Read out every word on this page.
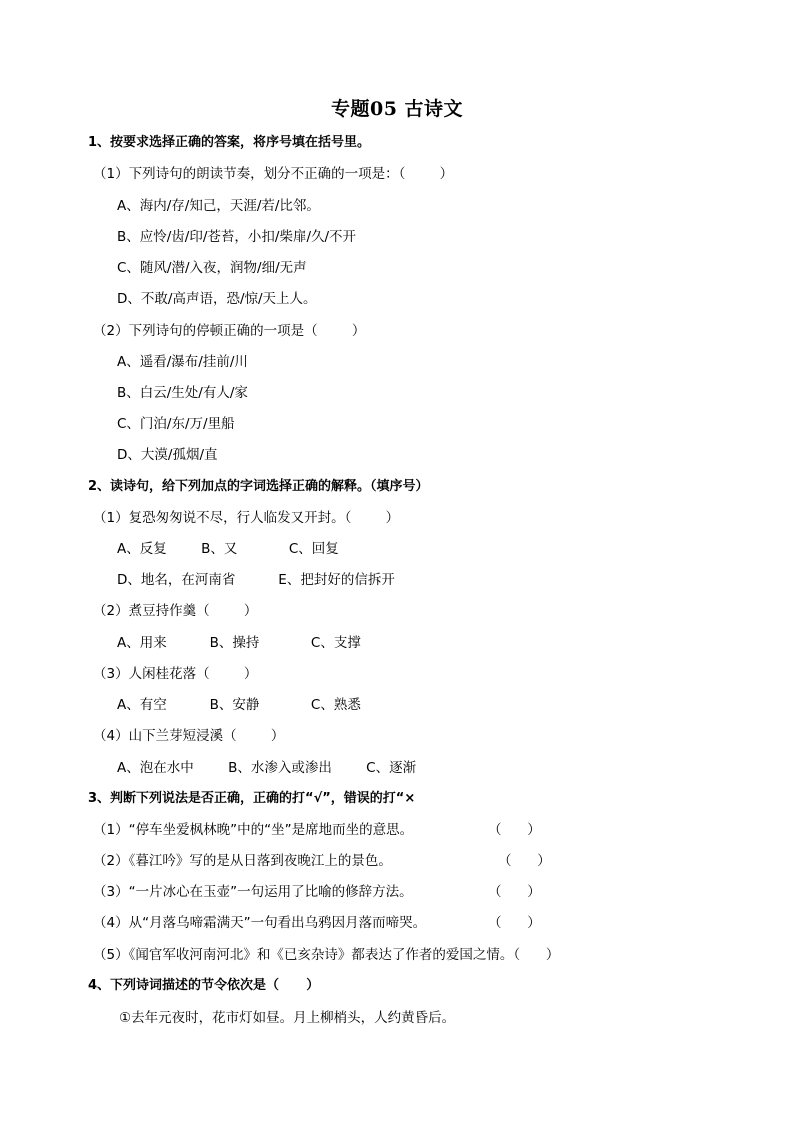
专题05 古诗文
1、按要求选择正确的答案，将序号填在括号里。
（1）下列诗句的朗读节奏，划分不正确的一项是：（        ）
A、海内/存/知己，天涯/若/比邻。
B、应怜/齿/印/苍苔，小扣/柴扉/久/不开
C、随风/潜/入夜，润物/细/无声
D、不敢/高声语，恐/惊/天上人。
（2）下列诗句的停顿正确的一项是（        ）
A、遥看/瀑布/挂前/川
B、白云/生处/有人/家
C、门泊/东/万/里船
D、大漠/孤烟/直
2、读诗句，给下列加点的字词选择正确的解释。（填序号）
（1）复恐匆匆说不尽，行人临发又开封。（        ）
A、反复        B、又            C、回复
D、地名，在河南省          E、把封好的信拆开
（2）煮豆持作羹（        ）
A、用来          B、操持            C、支撑
（3）人闲桂花落（        ）
A、有空          B、安静            C、熟悉
（4）山下兰芽短浸溪（        ）
A、泡在水中        B、水渗入或渗出        C、逐渐
3、判断下列说法是否正确，正确的打“√”，错误的打“×
（1）“停车坐爱枫林晚”中的“坐”是席地而坐的意思。	（      ）
（2）《暮江吟》写的是从日落到夜晚江上的景色。	（      ）
（3）“一片冰心在玉壶”一句运用了比喻的修辞方法。	（      ）
（4）从“月落乌啼霜满天”一句看出乌鸦因月落而啼哭。	（      ）
（5）《闻官军收河南河北》和《已亥杂诗》都表达了作者的爱国之情。（      ）
4、下列诗词描述的节令依次是（      ）
①去年元夜时，花市灯如昼。月上柳梢头，人约黄昏后。
